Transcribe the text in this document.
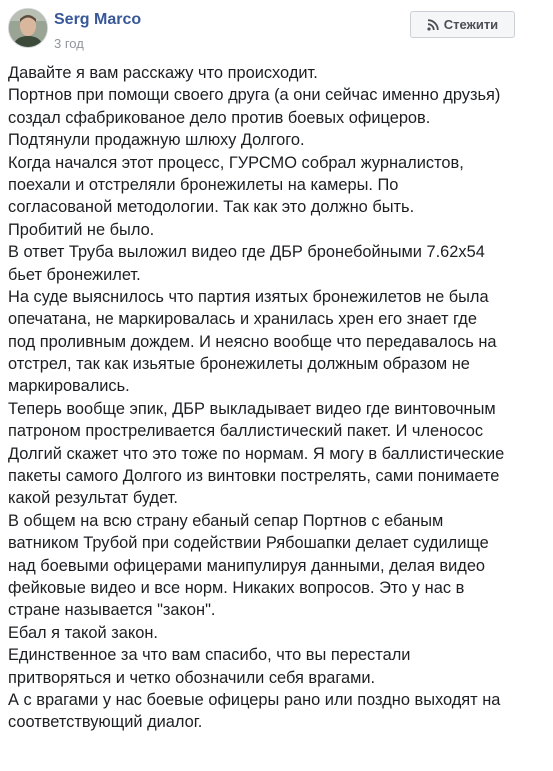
Serg Marco
3 год
Стежити
Давайте я вам расскажу что происходит.
Портнов при помощи своего друга (а они сейчас именно друзья)
создал сфабрикованое дело против боевых офицеров.
Подтянули продажную шлюху Долгого.
Когда начался этот процесс, ГУРСМО собрал журналистов,
поехали и отстреляли бронежилеты на камеры. По
согласованой методологии. Так как это должно быть.
Пробитий не было.
В ответ Труба выложил видео где ДБР бронебойными 7.62х54
бьет бронежилет.
На суде выяснилось что партия изятых бронежилетов не была
опечатана, не маркировалась и хранилась хрен его знает где
под проливным дождем. И неясно вообще что передавалось на
отстрел, так как изьятые бронежилеты должным образом не
маркировались.
Теперь вообще эпик, ДБР выкладывает видео где винтовочным
патроном простреливается баллистический пакет. И членосос
Долгий скажет что это тоже по нормам. Я могу в баллистические
пакеты самого Долгого из винтовки пострелять, сами понимаете
какой результат будет.
В общем на всю страну ебаный сепар Портнов с ебаным
ватником Трубой при содействии Рябошапки делает судилище
над боевыми офицерами манипулируя данными, делая видео
фейковые видео и все норм. Никаких вопросов. Это у нас в
стране называется "закон".
Ебал я такой закон.
Единственное за что вам спасибо, что вы перестали
притворяться и четко обозначили себя врагами.
А с врагами у нас боевые офицеры рано или поздно выходят на
соответствующий диалог.
